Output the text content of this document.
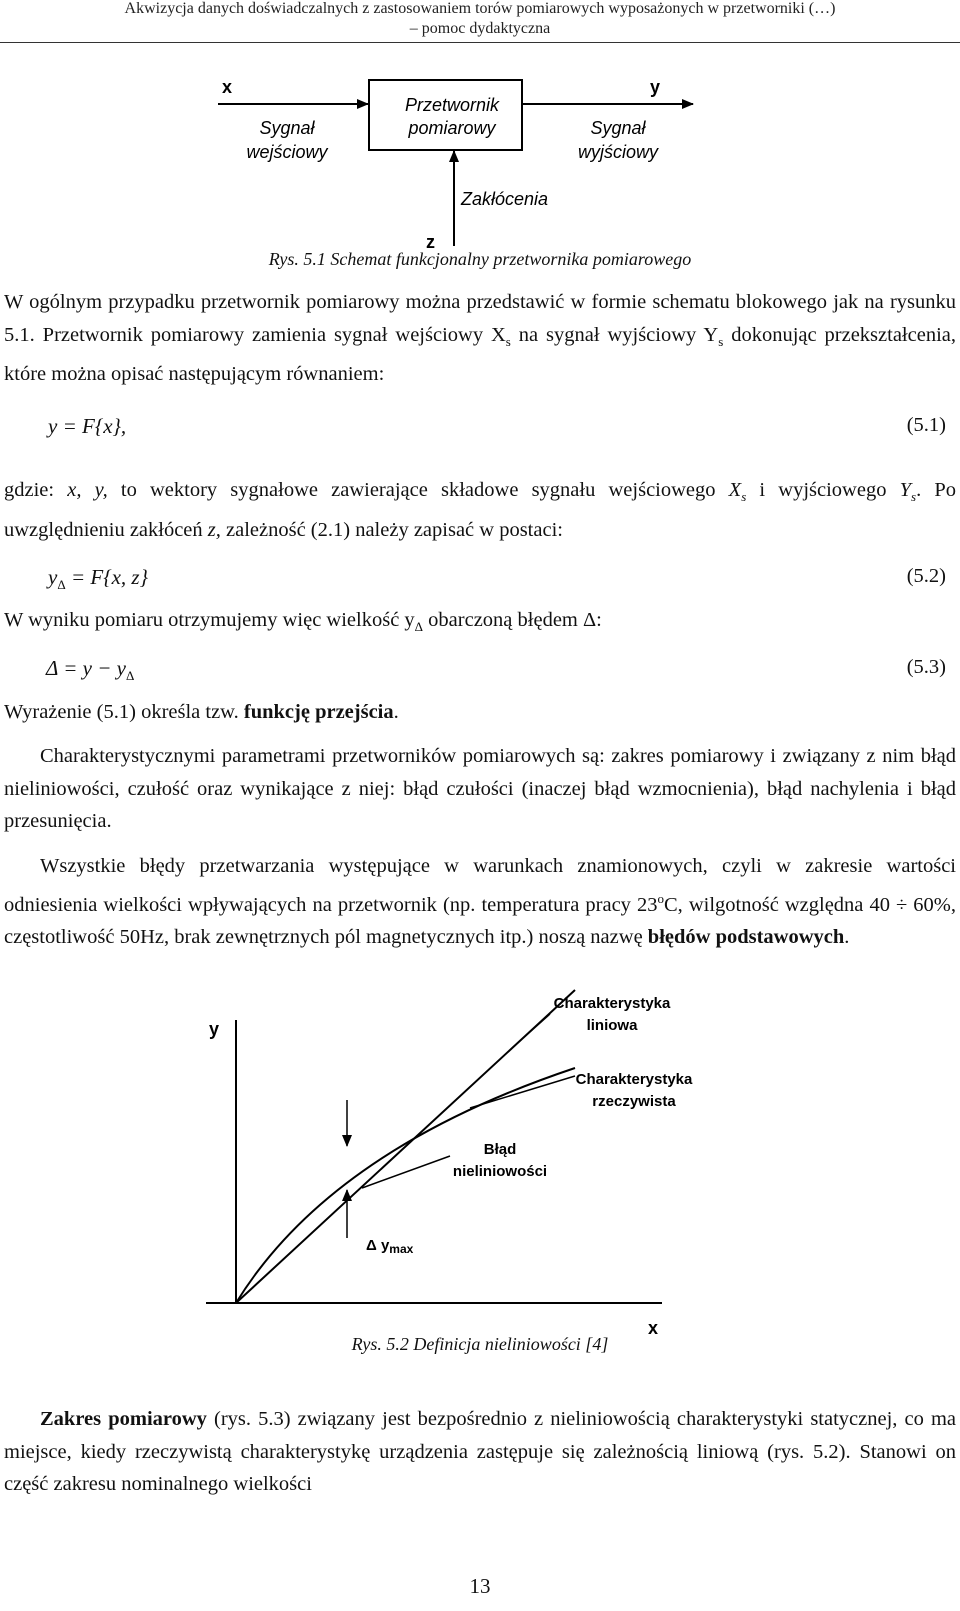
Akwizycja danych doświadczalnych z zastosowaniem torów pomiarowych wyposażonych w przetworniki (…)
– pomoc dydaktyczna
x	y
z
Sygnał
wejściowy
Przetwornik
pomiarowy	Sygnał
wyjściowy
Zakłócenia
Rys. 5.1 Schemat funkcjonalny przetwornika pomiarowego

W ogólnym przypadku przetwornik pomiarowy można przedstawić w formie schematu blokowego jak na rysunku 5.1. Przetwornik pomiarowy zamienia sygnał wejściowy $X_s$ na sygnał wyjściowy $Y_s$ dokonując przekształcenia, które można opisać następującym równaniem:

y = F{x},	(5.1)

gdzie: x, y, to wektory sygnałowe zawierające składowe sygnału wejściowego $X_s$ i wyjściowego $Y_s$. Po uwzględnieniu zakłóceń z, zależność (2.1) należy zapisać w postaci:

$y_\Delta = F\{x$, z}	(5.2)

W wyniku pomiaru otrzymujemy więc wielkość $y_\Delta$ obarczoną błędem Δ:

$\Delta = y - y_\Delta$	(5.3)

Wyrażenie (5.1) określa tzw. funkcję przejścia.

Charakterystycznymi parametrami przetworników pomiarowych są: zakres pomiarowy i związany z nim błąd nieliniowości, czułość oraz wynikające z niej: błąd czułości (inaczej błąd wzmocnienia), błąd nachylenia i błąd przesunięcia.

Wszystkie błędy przetwarzania występujące w warunkach znamionowych, czyli w zakresie wartości odniesienia wielkości wpływających na przetwornik (np. temperatura pracy 23$^o$C, wilgotność względna 40 ÷ 60%, częstotliwość 50Hz, brak zewnętrznych pól magnetycznych itp.) noszą nazwę błędów podstawowych.

y
x
Charakterystyka
liniowa
Charakterystyka
rzeczywista
Błąd
nieliniowości
Δ $y_{max}$
Rys. 5.2 Definicja nieliniowości [4]

Zakres pomiarowy (rys. 5.3) związany jest bezpośrednio z nieliniowością charakterystyki statycznej, co ma miejsce, kiedy rzeczywistą charakterystykę urządzenia zastępuje się zależnością liniową (rys. 5.2). Stanowi on część zakresu nominalnego wielkości

13
